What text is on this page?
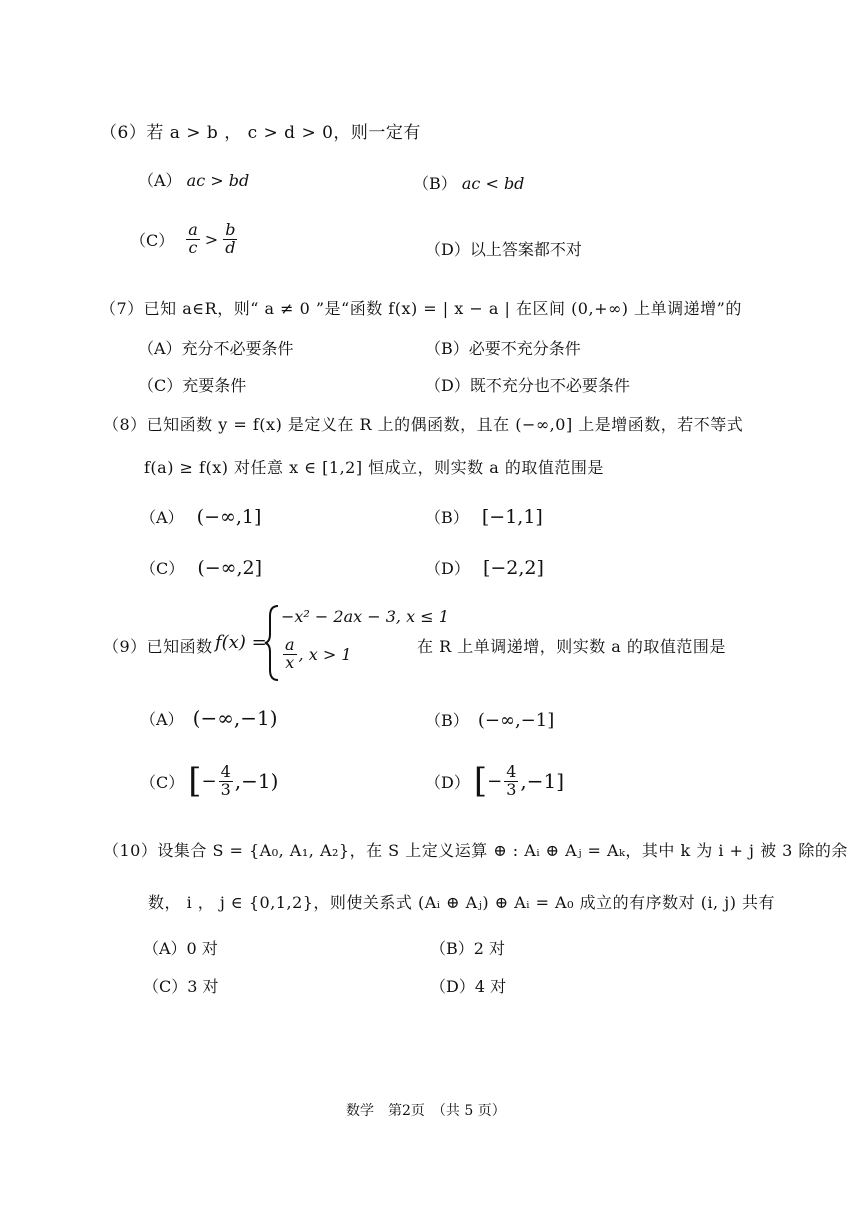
（6）若 a > b ， c > d > 0，则一定有
（A） ac > bd	（B） ac < bd
$(C) \frac{a}{c} > \frac{b}{d}$	（D）以上答案都不对
（7）已知 a∈R，则“ a ≠ 0 ”是“函数 f(x) = | x − a | 在区间 (0,+∞) 上单调递增”的
（A）充分不必要条件	（B）必要不充分条件
（C）充要条件	（D）既不充分也不必要条件
（8）已知函数 y = f(x) 是定义在 R 上的偶函数，且在 (−∞,0] 上是增函数，若不等式
f(a) ≥ f(x) 对任意 x ∈ [1,2] 恒成立，则实数 a 的取值范围是
（A） (−∞,1]	（B） [−1,1]
（C） (−∞,2]	（D） [−2,2]
（9）已知函数 f(x) =
−x² − 2ax − 3, x ≤ 1
$\frac{a}{x}$ , x > 1	在 R 上单调递增，则实数 a 的取值范围是
（A） (−∞,−1)	（B） (−∞,−1]
（C） [ − $\frac{4}{3} ,-1$)	（D） [ − $\frac{4}{3} ,-1$]
（10）设集合 S = {A₀, A₁, A₂}，在 S 上定义运算 ⊕ : Aᵢ ⊕ Aⱼ = Aₖ，其中 k 为 i + j 被 3 除的余
数， i ， j ∈ {0,1,2}，则使关系式 (Aᵢ ⊕ Aⱼ) ⊕ Aᵢ = A₀ 成立的有序数对 (i, j) 共有
（A）0 对	（B）2 对
（C）3 对	（D）4 对
数学　第2页　（共 5 页）
